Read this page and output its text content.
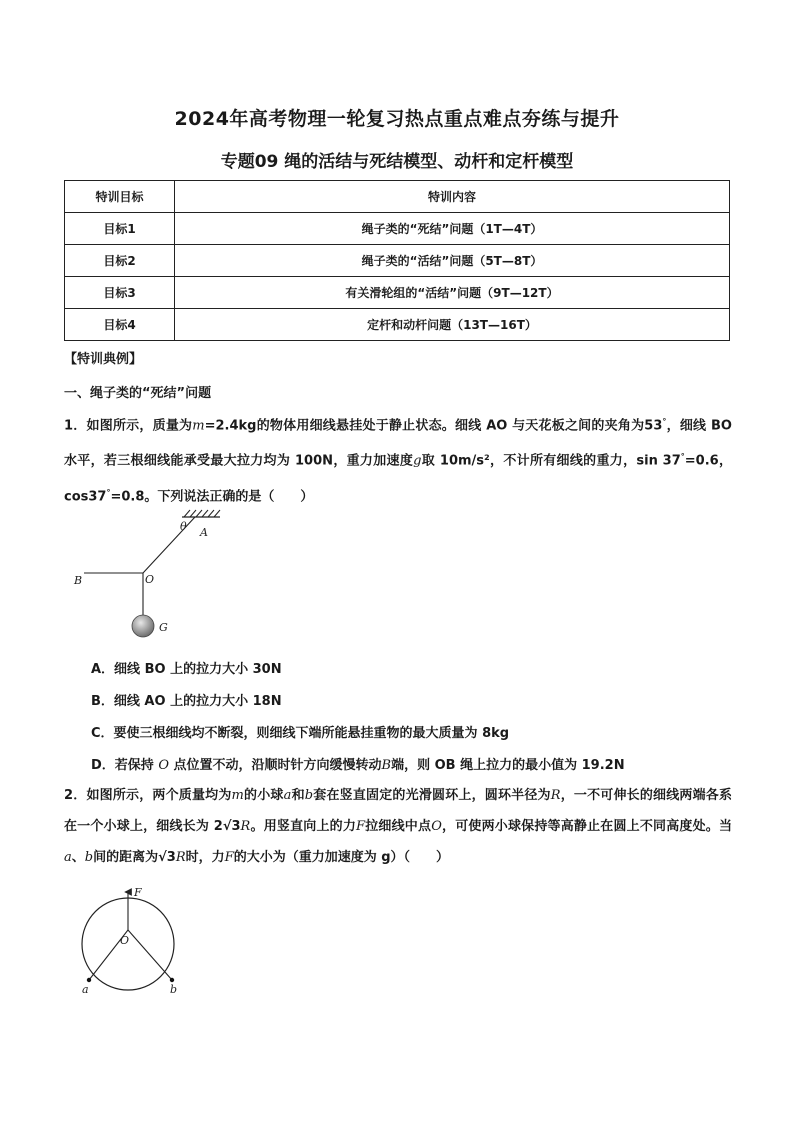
2024年高考物理一轮复习热点重点难点夯练与提升
专题09 绳的活结与死结模型、动杆和定杆模型
特训目标	特训内容
目标1	绳子类的“死结”问题（1T—4T）
目标2	绳子类的“活结”问题（5T—8T）
目标3	有关滑轮组的“活结”问题（9T—12T）
目标4	定杆和动杆问题（13T—16T）
【特训典例】
一、绳子类的“死结”问题
1．如图所示，质量为m=2.4kg的物体用细线悬挂处于静止状态。细线 AO 与天花板之间的夹角为53°，细线 BO 水平，若三根细线能承受最大拉力均为 100N，重力加速度g取 10m/s²，不计所有细线的重力，sin 37°=0.6，cos37°=0.8。下列说法正确的是（　　）
θ A
B	O
G
A．细线 BO 上的拉力大小 30N
B．细线 AO 上的拉力大小 18N
C．要使三根细线均不断裂，则细线下端所能悬挂重物的最大质量为 8kg
D．若保持 O 点位置不动，沿顺时针方向缓慢转动B端，则 OB 绳上拉力的最小值为 19.2N
2．如图所示，两个质量均为m的小球a和b套在竖直固定的光滑圆环上，圆环半径为R，一不可伸长的细线两端各系在一个小球上，细线长为 2√3R。用竖直向上的力F拉细线中点O，可使两小球保持等高静止在圆上不同高度处。当a、b间的距离为√3R时，力F的大小为（重力加速度为 g）（　　）
F
O
a	b
